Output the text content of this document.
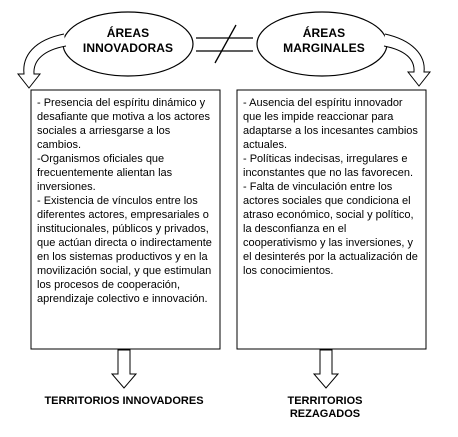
ÁREAS INNOVADORAS
ÁREAS MARGINALES

- Presencia del espíritu dinámico y desafiante que motiva a los actores sociales a arriesgarse a los cambios.

-Organismos oficiales que frecuentemente alientan las inversiones.

- Existencia de vínculos entre los diferentes actores, empresariales o institucionales, públicos y privados, que actúan directa o indirectamente en los sistemas productivos y en la movilización social, y que estimulan los procesos de cooperación, aprendizaje colectivo e innovación.

- Ausencia del espíritu innovador que les impide reaccionar para adaptarse a los incesantes cambios actuales.

- Políticas indecisas, irregulares e inconstantes que no las favorecen.

- Falta de vinculación entre los actores sociales que condiciona el atraso económico, social y político, la desconfianza en el cooperativismo y las inversiones, y el desinterés por la actualización de los conocimientos.

TERRITORIOS INNOVADORES	TERRITORIOS REZAGADOS
